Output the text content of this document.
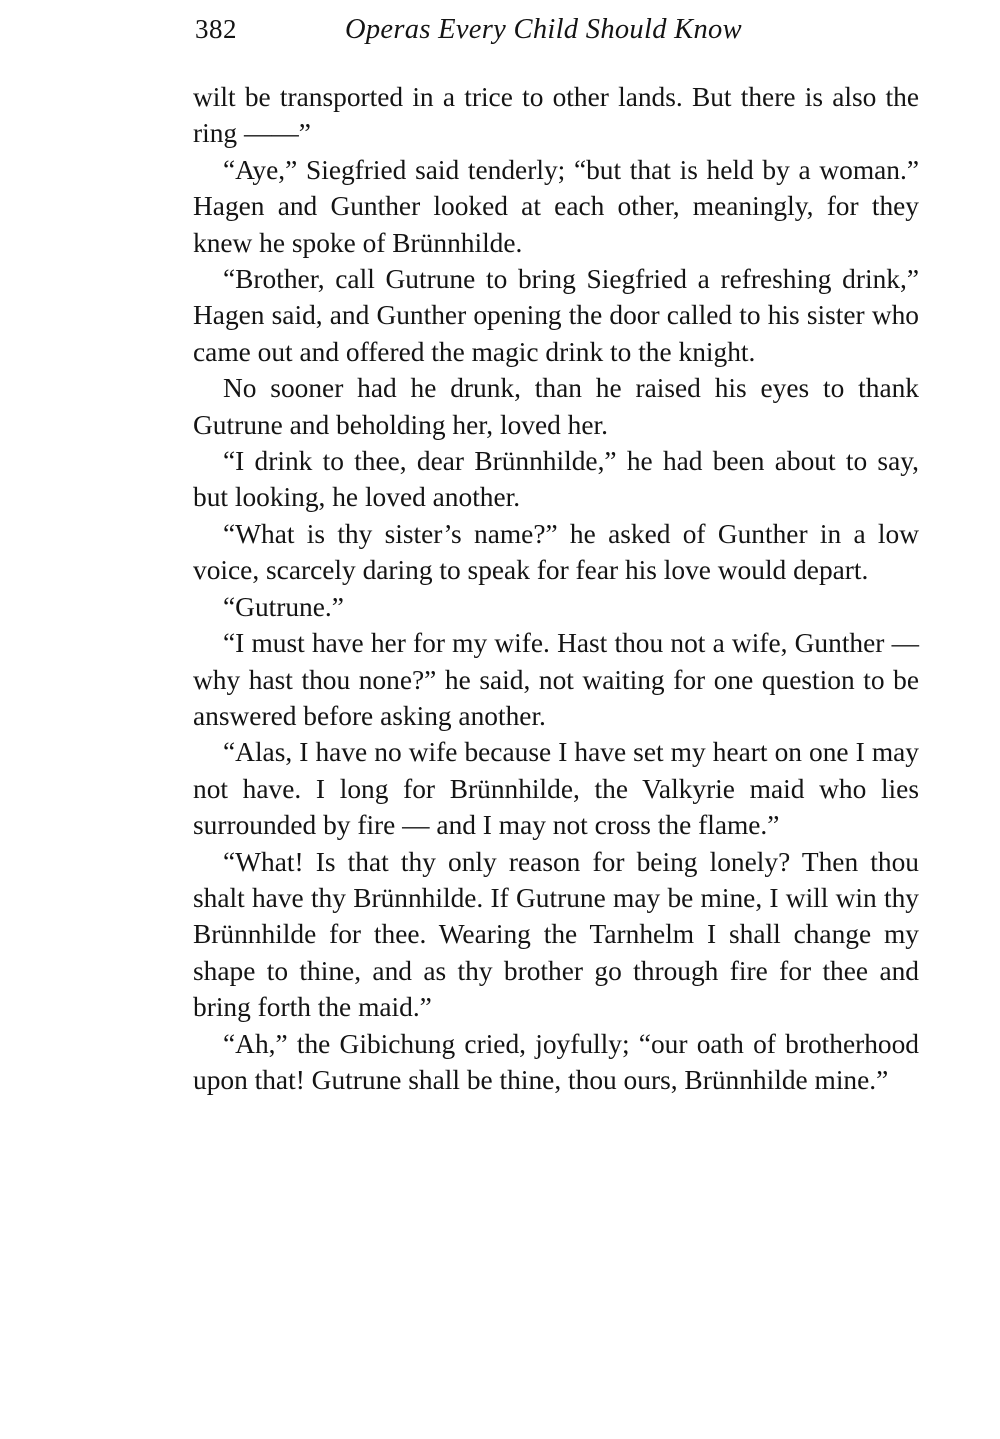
382	Operas Every Child Should Know

wilt be transported in a trice to other lands. But there is also the ring ——”

“Aye,” Siegfried said tenderly; “but that is held by a woman.” Hagen and Gunther looked at each other, meaningly, for they knew he spoke of Brünnhilde.

“Brother, call Gutrune to bring Siegfried a refreshing drink,” Hagen said, and Gunther opening the door called to his sister who came out and offered the magic drink to the knight.

No sooner had he drunk, than he raised his eyes to thank Gutrune and beholding her, loved her.

“I drink to thee, dear Brünnhilde,” he had been about to say, but looking, he loved another.

“What is thy sister’s name?” he asked of Gunther in a low voice, scarcely daring to speak for fear his love would depart.

“Gutrune.”

“I must have her for my wife. Hast thou not a wife, Gunther — why hast thou none?” he said, not waiting for one question to be answered before asking another.

“Alas, I have no wife because I have set my heart on one I may not have. I long for Brünnhilde, the Valkyrie maid who lies surrounded by fire — and I may not cross the flame.”

“What! Is that thy only reason for being lonely? Then thou shalt have thy Brünnhilde. If Gutrune may be mine, I will win thy Brünnhilde for thee. Wearing the Tarnhelm I shall change my shape to thine, and as thy brother go through fire for thee and bring forth the maid.”

“Ah,” the Gibichung cried, joyfully; “our oath of brotherhood upon that! Gutrune shall be thine, thou ours, Brünnhilde mine.”
